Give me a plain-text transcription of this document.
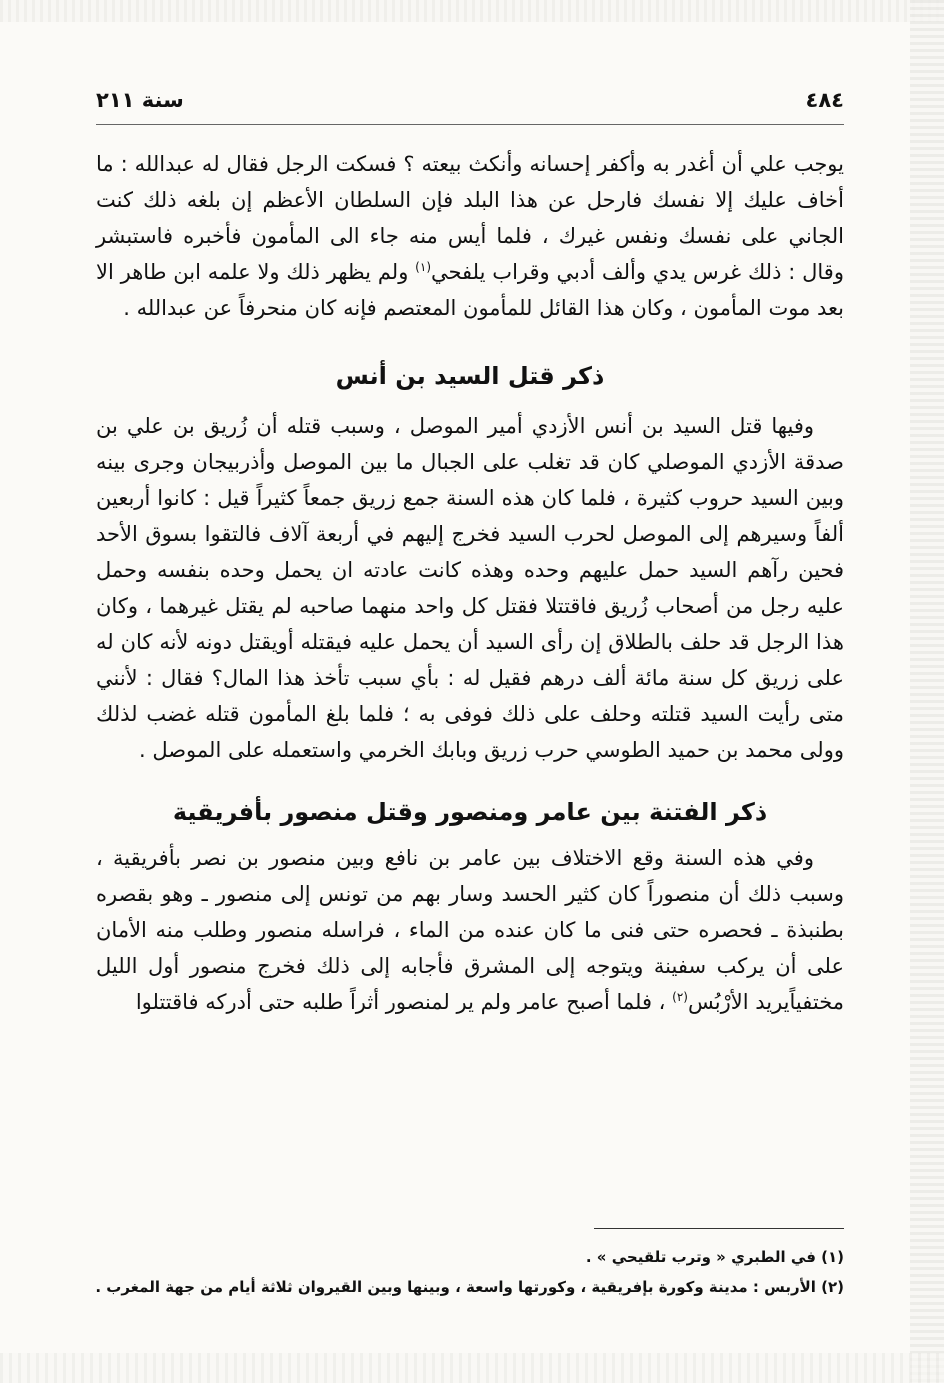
٤٨٤
سنة ٢١١

يوجب علي أن أغدر به وأكفر إحسانه وأنكث بيعته ؟ فسكت الرجل فقال له عبدالله : ما أخاف عليك إلا نفسك فارحل عن هذا البلد فإن السلطان الأعظم إن بلغه ذلك كنت الجاني على نفسك ونفس غيرك ، فلما أيس منه جاء الى المأمون فأخبره فاستبشر وقال : ذلك غرس يدي وألف أدبي وقراب يلفحي$^{(١)}$ ولم يظهر ذلك ولا علمه ابن طاهر الا بعد موت المأمون ، وكان هذا القائل للمأمون المعتصم فإنه كان منحرفاً عن عبدالله .

ذكر قتل السيد بن أنس

وفيها قتل السيد بن أنس الأزدي أمير الموصل ، وسبب قتله أن زُريق بن علي بن صدقة الأزدي الموصلي كان قد تغلب على الجبال ما بين الموصل وأذربيجان وجرى بينه وبين السيد حروب كثيرة ، فلما كان هذه السنة جمع زريق جمعاً كثيراً قيل : كانوا أربعين ألفاً وسيرهم إلى الموصل لحرب السيد فخرج إليهم في أربعة آلاف فالتقوا بسوق الأحد فحين رآهم السيد حمل عليهم وحده وهذه كانت عادته ان يحمل وحده بنفسه وحمل عليه رجل من أصحاب زُريق فاقتتلا فقتل كل واحد منهما صاحبه لم يقتل غيرهما ، وكان هذا الرجل قد حلف بالطلاق إن رأى السيد أن يحمل عليه فيقتله أويقتل دونه لأنه كان له على زريق كل سنة مائة ألف درهم فقيل له : بأي سبب تأخذ هذا المال؟ فقال : لأنني متى رأيت السيد قتلته وحلف على ذلك فوفى به ؛ فلما بلغ المأمون قتله غضب لذلك وولى محمد بن حميد الطوسي حرب زريق وبابك الخرمي واستعمله على الموصل .

ذكر الفتنة بين عامر ومنصور وقتل منصور بأفريقية

وفي هذه السنة وقع الاختلاف بين عامر بن نافع وبين منصور بن نصر بأفريقية ، وسبب ذلك أن منصوراً كان كثير الحسد وسار بهم من تونس إلى منصور ـ وهو بقصره بطنبذة ـ فحصره حتى فنى ما كان عنده من الماء ، فراسله منصور وطلب منه الأمان على أن يركب سفينة ويتوجه إلى المشرق فأجابه إلى ذلك فخرج منصور أول الليل مختفياًيريد الأرْبُس$^{(٢)}$ ، فلما أصبح عامر ولم ير لمنصور أثراً طلبه حتى أدركه فاقتتلوا

(١) في الطبري « وترب تلقيحي » .
(٢) الأربس : مدينة وكورة بإفريقية ، وكورتها واسعة ، وبينها وبين القيروان ثلاثة أيام من جهة المغرب .
